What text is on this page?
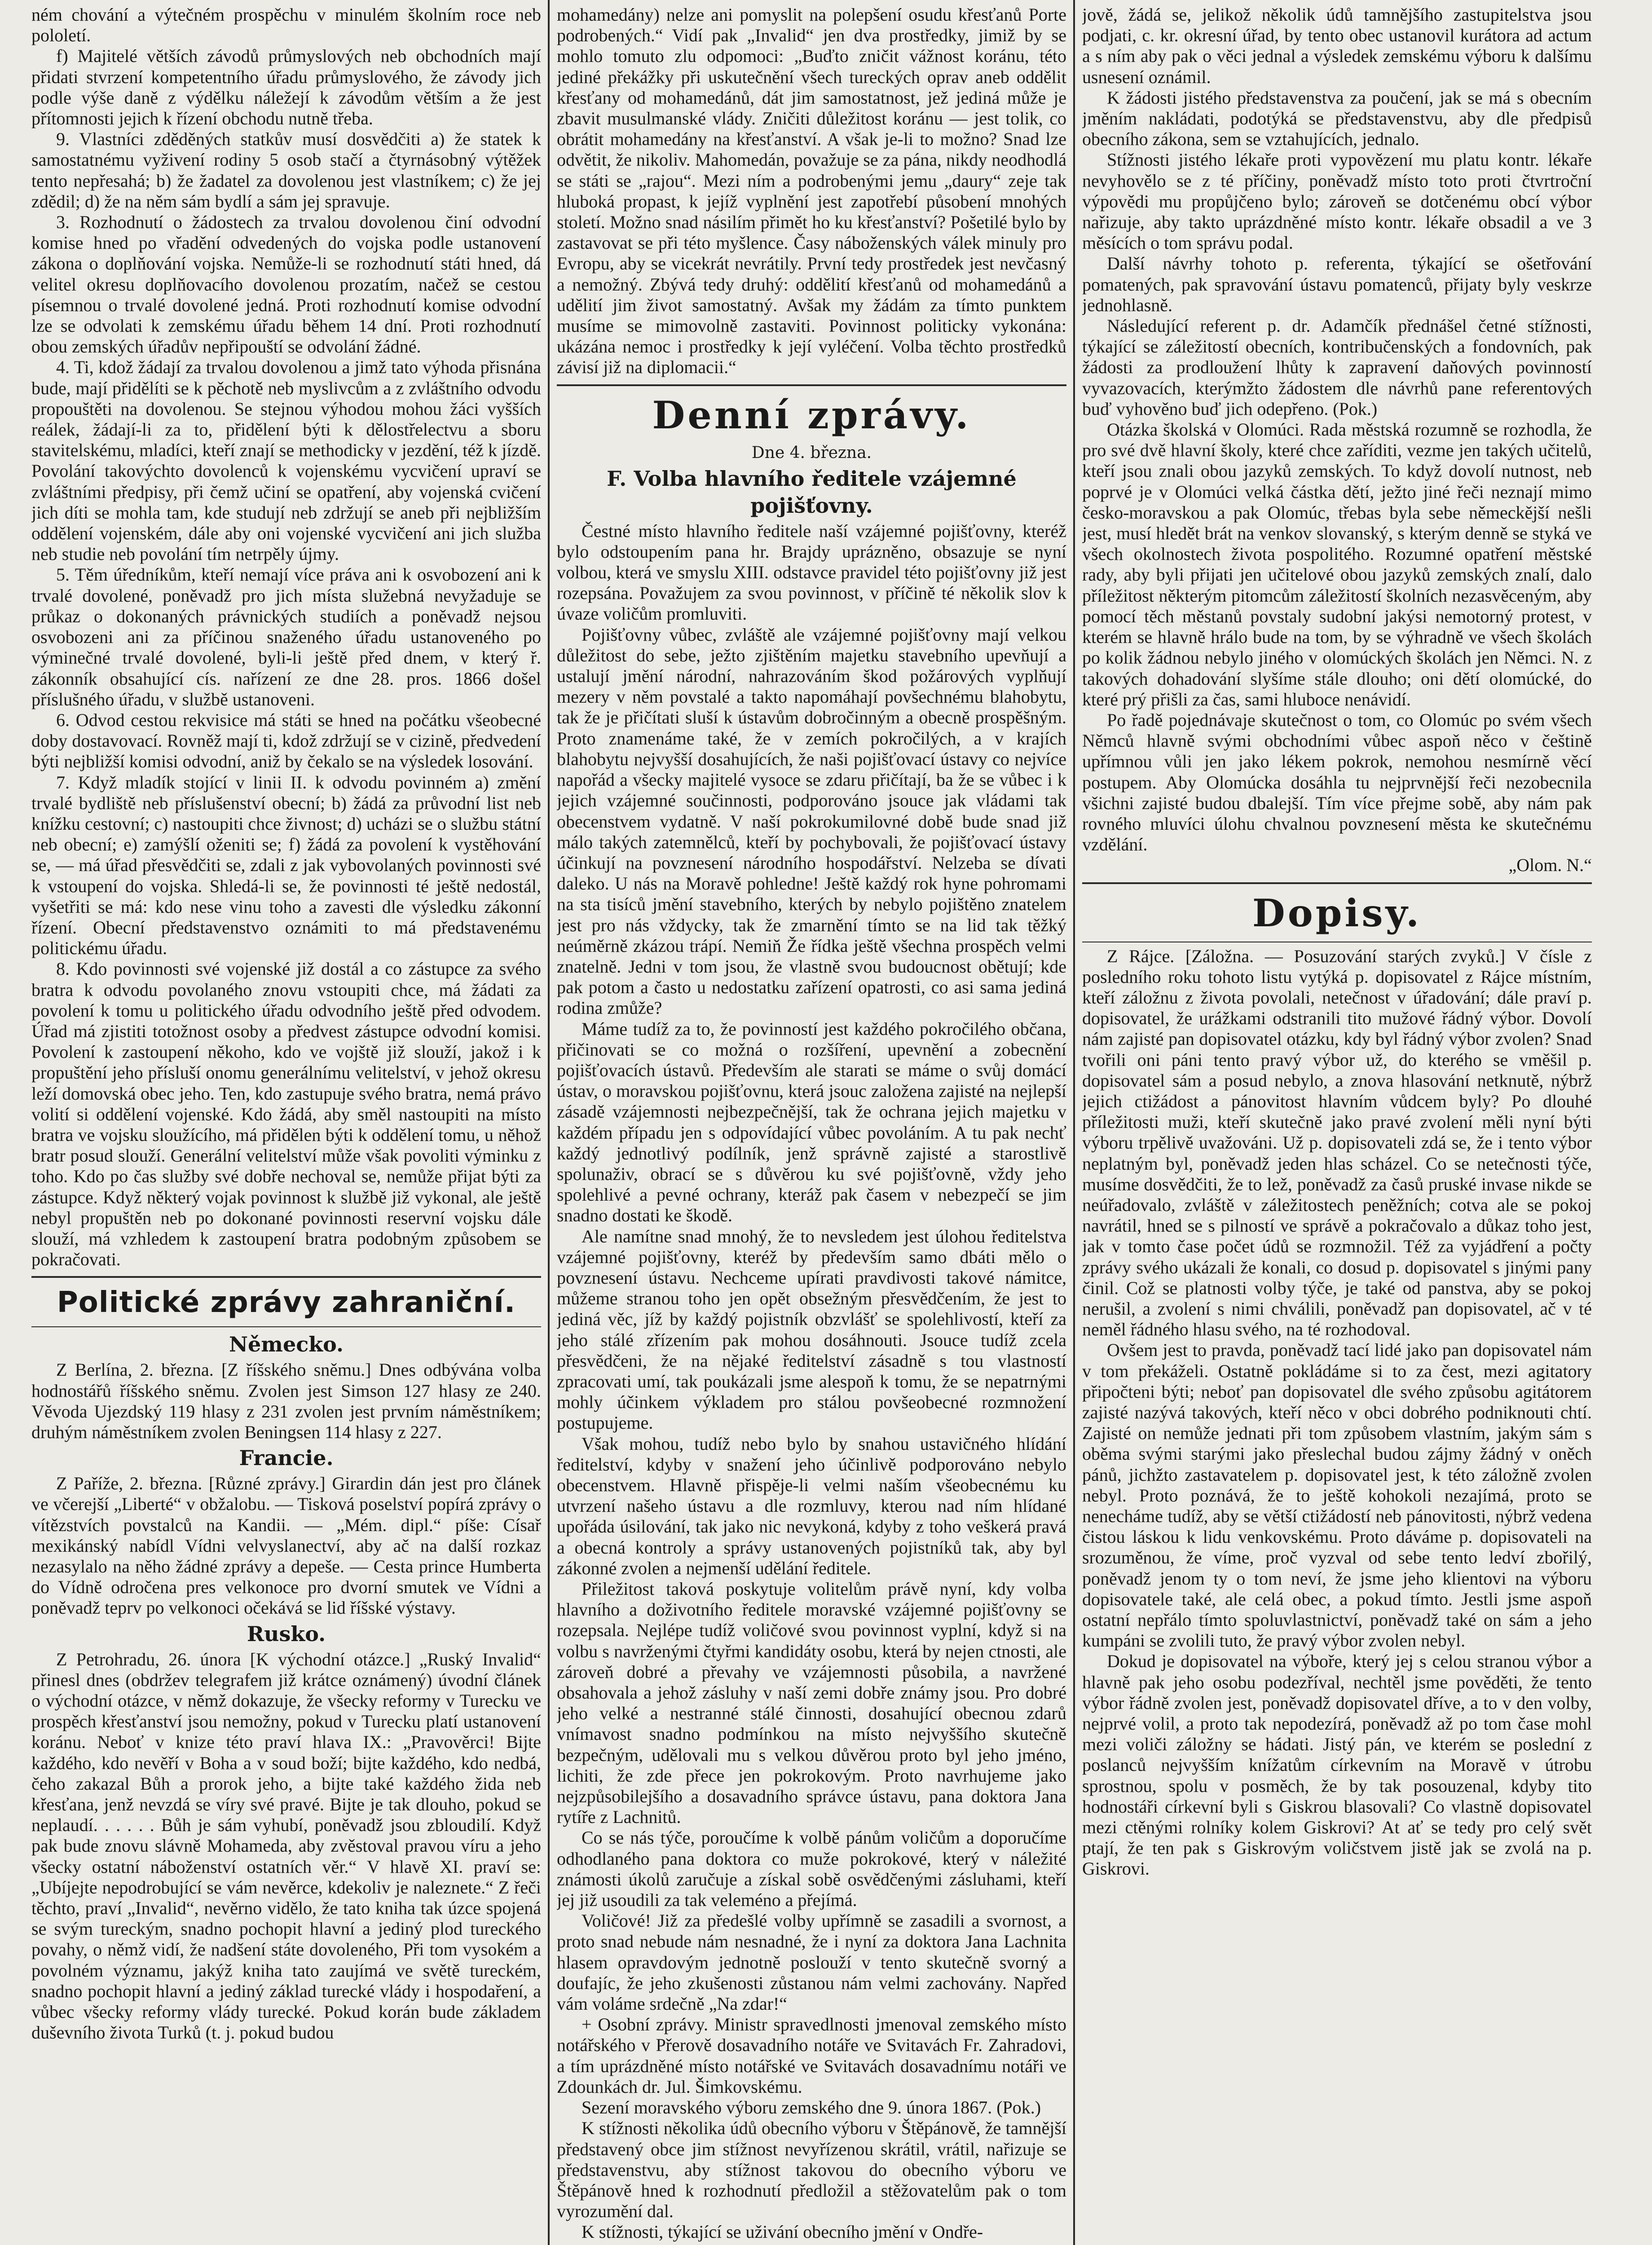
ném chování a výtečném prospěchu v minulém školním roce neb pololetí.

f) Majitelé větších závodů průmyslových neb obchodních mají přidati stvrzení kompetentního úřadu průmyslového, že závody jich podle výše daně z výdělku náležejí k závodům větším a že jest přítomnosti jejich k řízení obchodu nutně třeba.

9. Vlastníci zděděných statkův musí dosvědčiti a) že statek k samostatnému vyživení rodiny 5 osob stačí a čtyrnásobný výtěžek tento nepřesahá; b) že žadatel za dovolenou jest vlastníkem; c) že jej zdědil; d) že na něm sám bydlí a sám jej spravuje.

3. Rozhodnutí o žádostech za trvalou dovolenou činí odvodní komise hned po vřadění odvedených do vojska podle ustanovení zákona o doplňování vojska. Nemůže-li se rozhodnutí státi hned, dá velitel okresu doplňovacího dovolenou prozatím, načež se cestou písemnou o trvalé dovolené jedná. Proti rozhodnutí komise odvodní lze se odvolati k zemskému úřadu během 14 dní. Proti rozhodnutí obou zemských úřadův nepřipouští se odvolání žádné.

4. Ti, kdož žádají za trvalou dovolenou a jimž tato výhoda přisnána bude, mají přidělíti se k pěchotě neb myslivcům a z zvláštního odvodu propouštěti na dovolenou. Se stejnou výhodou mohou žáci vyšších reálek, žádají-li za to, přidělení býti k dělostřelectvu a sboru stavitelskému, mladíci, kteří znají se methodicky v jezdění, též k jízdě. Povolání takovýchto dovolenců k vojenskému vycvičení upraví se zvláštními předpisy, při čemž učiní se opatření, aby vojenská cvičení jich díti se mohla tam, kde studují neb zdržují se aneb při nejbližším oddělení vojenském, dále aby oni vojenské vycvičení ani jich služba neb studie neb povolání tím netrpěly újmy.

5. Těm úředníkům, kteří nemají více práva ani k osvobození ani k trvalé dovolené, poněvadž pro jich místa služebná nevyžaduje se průkaz o dokonaných právnických studiích a poněvadž nejsou osvobozeni ani za příčinou snaženého úřadu ustanoveného po výminečné trvalé dovolené, byli-li ještě před dnem, v který ř. zákonník obsahující cís. nařízení ze dne 28. pros. 1866 došel příslušného úřadu, v službě ustanoveni.

6. Odvod cestou rekvisice má státi se hned na počátku všeobecné doby dostavovací. Rovněž mají ti, kdož zdržují se v cizině, předvedení býti nejbližší komisi odvodní, aniž by čekalo se na výsledek losování.

7. Když mladík stojící v linii II. k odvodu povinném a) změní trvalé bydliště neb příslušenství obecní; b) žádá za průvodní list neb knížku cestovní; c) nastoupiti chce živnost; d) ucházi se o službu státní neb obecní; e) zamýšlí oženiti se; f) žádá za povolení k vystěhování se, — má úřad přesvědčiti se, zdali z jak vybovolaných povinnosti své k vstoupení do vojska. Shledá-li se, že povinnosti té ještě nedostál, vyšetřiti se má: kdo nese vinu toho a zavesti dle výsledku zákonní řízení. Obecní představenstvo oznámiti to má představenému politickému úřadu.

8. Kdo povinnosti své vojenské již dostál a co zástupce za svého bratra k odvodu povolaného znovu vstoupiti chce, má žádati za povolení k tomu u politického úřadu odvodního ještě před odvodem. Úřad má zjistiti totožnost osoby a předvest zástupce odvodní komisi. Povolení k zastoupení někoho, kdo ve vojště již slouží, jakož i k propuštění jeho přísluší onomu generálnímu velitelství, v jehož okresu leží domovská obec jeho. Ten, kdo zastupuje svého bratra, nemá právo volití si oddělení vojenské. Kdo žádá, aby směl nastoupiti na místo bratra ve vojsku sloužícího, má přidělen býti k oddělení tomu, u něhož bratr posud slouží. Generální velitelství může však povoliti výminku z toho. Kdo po čas služby své dobře nechoval se, nemůže přijat býti za zástupce. Když některý vojak povinnost k službě již vykonal, ale ještě nebyl propuštěn neb po dokonané povinnosti reservní vojsku dále slouží, má vzhledem k zastoupení bratra podobným způsobem se pokračovati.

Politické zprávy zahraniční.
Německo.

Z Berlína, 2. března. [Z říšského sněmu.] Dnes odbývána volba hodnostářů říšského sněmu. Zvolen jest Simson 127 hlasy ze 240. Věvoda Ujezdský 119 hlasy z 231 zvolen jest prvním náměstníkem; druhým náměstníkem zvolen Beningsen 114 hlasy z 227.

Francie.

Z Paříže, 2. března. [Různé zprávy.] Girardin dán jest pro článek ve včerejší „Liberté“ v obžalobu. — Tisková poselství popírá zprávy o vítězstvích povstalců na Kandii. — „Mém. dipl.“ píše: Císař mexikánský nabídl Vídni velvyslanectví, aby ač na další rozkaz nezasylalo na něho žádné zprávy a depeše. — Cesta prince Humberta do Vídně odročena pres velkonoce pro dvorní smutek ve Vídni a poněvadž teprv po velkonoci očekává se lid říšské výstavy.

Rusko.

Z Petrohradu, 26. února [K východní otázce.] „Ruský Invalid“ přinesl dnes (obdržev telegrafem již krátce oznámený) úvodní článek o východní otázce, v němž dokazuje, že všecky reformy v Turecku ve prospěch křesťanství jsou nemožny, pokud v Turecku platí ustanovení koránu. Neboť v knize této praví hlava IX.: „Pravověrci! Bijte každého, kdo nevěří v Boha a v soud boží; bijte každého, kdo nedbá, čeho zakazal Bůh a prorok jeho, a bijte také každého žida neb křesťana, jenž nevzdá se víry své pravé. Bijte je tak dlouho, pokud se neplaudí. . . . . . Bůh je sám vyhubí, poněvadž jsou zbloudilí. Když pak bude znovu slávně Mohameda, aby zvěstoval pravou víru a jeho všecky ostatní náboženství ostatních věr.“ V hlavě XI. praví se: „Ubíjejte nepodrobující se vám nevěrce, kdekoliv je naleznete.“ Z řeči těchto, praví „Invalid“, nevěrno vidělo, že tato kniha tak úzce spojená se svým tureckým, snadno pochopit hlavní a jediný plod tureckého povahy, o němž vidí, že nadšení státe dovoleného, Při tom vysokém a povolném významu, jakýž kniha tato zaujímá ve světě tureckém, snadno pochopit hlavní a jediný základ turecké vlády i hospodaření, a vůbec všecky reformy vlády turecké. Pokud korán bude základem duševního života Turků (t. j. pokud budou

mohamedány) nelze ani pomyslit na polepšení osudu křesťanů Porte podrobených.“ Vidí pak „Invalid“ jen dva prostředky, jimiž by se mohlo tomuto zlu odpomoci: „Buďto zničit vážnost koránu, této jediné překážky při uskutečnění všech tureckých oprav aneb oddělit křesťany od mohamedánů, dát jim samostatnost, jež jediná může je zbavit musulmanské vlády. Zničiti důležitost koránu — jest tolik, co obrátit mohamedány na křesťanství. A však je-li to možno? Snad lze odvětit, že nikoliv. Mahomedán, považuje se za pána, nikdy neodhodlá se státi se „rajou“. Mezi ním a podrobenými jemu „daury“ zeje tak hluboká propast, k jejíž vyplnění jest zapotřebí působení mnohých století. Možno snad násilím přimět ho ku křesťanství? Pošetilé bylo by zastavovat se při této myšlence. Časy náboženských válek minuly pro Evropu, aby se vicekrát nevrátily. První tedy prostředek jest nevčasný a nemožný. Zbývá tedy druhý: oddělití křesťanů od mohamedánů a udělití jim život samostatný. Avšak my žádám za tímto punktem musíme se mimovolně zastaviti. Povinnost politicky vykonána: ukázána nemoc i prostředky k její vyléčení. Volba těchto prostředků závisí již na diplomacii.“

Denní zprávy.
Dne 4. března.
F. Volba hlavního ředitele vzájemné pojišťovny.

Čestné místo hlavního ředitele naší vzájemné pojišťovny, kteréž bylo odstoupením pana hr. Brajdy uprázněno, obsazuje se nyní volbou, která ve smyslu XIII. odstavce pravidel této pojišťovny již jest rozepsána. Považujem za svou povinnost, v příčině té několik slov k úvaze voličům promluviti.

Pojišťovny vůbec, zvláště ale vzájemné pojišťovny mají velkou důležitost do sebe, ježto zjištěním majetku stavebního upevňují a ustalují jmění národní, nahrazováním škod požárových vyplňují mezery v něm povstalé a takto napomáhají povšechnému blahobytu, tak že je přičítati sluší k ústavům dobročinným a obecně prospěšným. Proto znamenáme také, že v zemích pokročilých, a v krajích blahobytu nejvyšší dosahujících, že naši pojišťovací ústavy co nejvíce napořád a všecky majitelé vysoce se zdaru přičítají, ba že se vůbec i k jejich vzájemné součinnosti, podporováno jsouce jak vládami tak obecenstvem vydatně. V naší pokrokumilovné době bude snad již málo takých zatemnělců, kteří by pochybovali, že pojišťovací ústavy účinkují na povznesení národního hospodářství. Nelzeba se dívati daleko. U nás na Moravě pohledne! Ještě každý rok hyne pohromami na sta tisíců jmění stavebního, kterých by nebylo pojištěno znatelem jest pro nás vždycky, tak že zmarnění tímto se na lid tak těžký neúměrně zkázou trápí. Nemiň Že řídka ještě všechna prospěch velmi znatelně. Jedni v tom jsou, že vlastně svou budoucnost obětují; kde pak potom a často u nedostatku zařízení opatrosti, co asi sama jediná rodina zmůže?

Máme tudíž za to, že povinností jest každého pokročilého občana, přičinovati se co možná o rozšíření, upevnění a zobecnění pojišťovacích ústavů. Především ale starati se máme o svůj domácí ústav, o moravskou pojišťovnu, která jsouc založena zajisté na nejlepší zásadě vzájemnosti nejbezpečnější, tak že ochrana jejich majetku v každém případu jen s odpovídající vůbec povoláním. A tu pak nechť každý jednotlivý podílník, jenž správně zajisté a starostlivě spolunaživ, obrací se s důvěrou ku své pojišťovně, vždy jeho spolehlivé a pevné ochrany, kteráž pak časem v nebezpečí se jim snadno dostati ke škodě.

Ale namítne snad mnohý, že to nevsledem jest úlohou ředitelstva vzájemné pojišťovny, kteréž by především samo dbáti mělo o povznesení ústavu. Nechceme upírati pravdivosti takové námitce, můžeme stranou toho jen opět obsežným přesvědčením, že jest to jediná věc, jíž by každý pojistník obzvlášť se spolehlivostí, kteří za jeho stálé zřízením pak mohou dosáhnouti. Jsouce tudíž zcela přesvědčeni, že na nějaké ředitelství zásadně s tou vlastností zpracovati umí, tak poukázali jsme alespoň k tomu, že se nepatrnými mohly účinkem výkladem pro stálou povšeobecné rozmnožení postupujeme.

Však mohou, tudíž nebo bylo by snahou ustavičného hlídání ředitelství, kdyby v snažení jeho účinlivě podporováno nebylo obecenstvem. Hlavně přispěje-li velmi naším všeobecnému ku utvrzení našeho ústavu a dle rozmluvy, kterou nad ním hlídané upořáda úsilování, tak jako nic nevykoná, kdyby z toho veškerá pravá a obecná kontroly a správy ustanovených pojistníků tak, aby byl zákonné zvolen a nejmenší udělání ředitele.

Přiležitost taková poskytuje volitelům právě nyní, kdy volba hlavního a doživotního ředitele moravské vzájemné pojišťovny se rozepsala. Nejlépe tudíž voličové svou povinnost vyplní, když si na volbu s navrženými čtyřmi kandidáty osobu, která by nejen ctnosti, ale zároveň dobré a převahy ve vzájemnosti působila, a navržené obsahovala a jehož zásluhy v naší zemi dobře známy jsou. Pro dobré jeho velké a nestranné stálé činnosti, dosahující obecnou zdarů vnímavost snadno podmínkou na místo nejvyššího skutečně bezpečným, udělovali mu s velkou důvěrou proto byl jeho jméno, lichiti, že zde přece jen pokrokovým. Proto navrhujeme jako nejzpůsobilejšího a dosavadního správce ústavu, pana doktora Jana rytíře z Lachnitů.

Co se nás týče, poroučíme k volbě pánům voličům a doporučíme odhodlaného pana doktora co muže pokrokové, který v náležité známosti úkolů zaručuje a získal sobě osvědčenými zásluhami, kteří jej již usoudili za tak veleméno a přejímá.

Voličové! Již za předešlé volby upřímně se zasadili a svornost, a proto snad nebude nám nesnadné, že i nyní za doktora Jana Lachnita hlasem opravdovým jednotně poslouží v tento skutečně svorný a doufajíc, že jeho zkušenosti zůstanou nám velmi zachovány. Napřed vám voláme srdečně „Na zdar!“

+ Osobní zprávy. Ministr spravedlnosti jmenoval zemského místo notářského v Přerově dosavadního notáře ve Svitavách Fr. Zahradovi, a tím uprázdněné místo notářské ve Svitavách dosavadnímu notáři ve Zdounkách dr. Jul. Šimkovskému.

Sezení moravského výboru zemského dne 9. února 1867. (Pok.)

K stížnosti několika údů obecního výboru v Štěpánově, že tamnější představený obce jim stížnost nevyřízenou skrátil, vrátil, nařizuje se představenstvu, aby stížnost takovou do obecního výboru ve Štěpánově hned k rozhodnutí předložil a stěžovatelům pak o tom vyrozumění dal.

K stížnosti, týkající se uživání obecního jmění v Ondře-

jově, žádá se, jelikož několik údů tamnějšího zastupitelstva jsou podjati, c. kr. okresní úřad, by tento obec ustanovil kurátora ad actum a s ním aby pak o věci jednal a výsledek zemskému výboru k dalšímu usnesení oznámil.

K žádosti jistého představenstva za poučení, jak se má s obecním jměním nakládati, podotýká se představenstvu, aby dle předpisů obecního zákona, sem se vztahujících, jednalo.

Stížnosti jistého lékaře proti vypovězení mu platu kontr. lékaře nevyhovělo se z té příčiny, poněvadž místo toto proti čtvrtroční výpovědi mu propůjčeno bylo; zároveň se dotčenému obcí výbor nařizuje, aby takto uprázdněné místo kontr. lékaře obsadil a ve 3 měsících o tom správu podal.

Další návrhy tohoto p. referenta, týkající se ošetřování pomatených, pak spravování ústavu pomatenců, přijaty byly veskrze jednohlasně.

Následující referent p. dr. Adamčík přednášel četné stížnosti, týkající se záležitostí obecních, kontribučenských a fondovních, pak žádosti za prodloužení lhůty k zapravení daňových povinností vyvazovacích, kterýmžto žádostem dle návrhů pane referentových buď vyhověno buď jich odepřeno. (Pok.)

Otázka školská v Olomúci. Rada městská rozumně se rozhodla, že pro své dvě hlavní školy, které chce zaříditi, vezme jen takých učitelů, kteří jsou znali obou jazyků zemských. To když dovolí nutnost, neb poprvé je v Olomúci velká částka dětí, ježto jiné řeči neznají mimo česko-moravskou a pak Olomúc, třebas byla sebe německější nešli jest, musí hledět brát na venkov slovanský, s kterým denně se styká ve všech okolnostech života pospolitého. Rozumné opatření městské rady, aby byli přijati jen učitelové obou jazyků zemských znalí, dalo příležitost některým pitomcům záležitostí školních nezasvěceným, aby pomocí těch městanů povstaly sudobní jakýsi nemotorný protest, v kterém se hlavně hrálo bude na tom, by se výhradně ve všech školách po kolik žádnou nebylo jiného v olomúckých školách jen Němci. N. z takových dohadování slyšíme stále dlouho; oni dětí olomúcké, do které prý přišli za čas, sami hluboce nenávidí.

Po řadě pojednávaje skutečnost o tom, co Olomúc po svém všech Němců hlavně svými obchodními vůbec aspoň něco v češtině upřímnou vůli jen jako lékem pokrok, nemohou nesmírně věcí postupem. Aby Olomúcka dosáhla tu nejprvnější řeči nezobecnila všichni zajisté budou dbalejší. Tím více přejme sobě, aby nám pak rovného mluvíci úlohu chvalnou povznesení města ke skutečnému vzdělání.

„Olom. N.“

Dopisy.

Z Rájce. [Záložna. — Posuzování starých zvyků.] V čísle z posledního roku tohoto listu vytýká p. dopisovatel z Rájce místním, kteří záložnu z života povolali, netečnost v úřadování; dále praví p. dopisovatel, že urážkami odstranili tito mužové řádný výbor. Dovolí nám zajisté pan dopisovatel otázku, kdy byl řádný výbor zvolen? Snad tvořili oni páni tento pravý výbor už, do kterého se vměšil p. dopisovatel sám a posud nebylo, a znova hlasování netknutě, nýbrž jejich ctižádost a pánovitost hlavním vůdcem byly? Po dlouhé příležitosti muži, kteří skutečně jako pravé zvolení měli nyní býti výboru trpělivě uvažováni. Už p. dopisovateli zdá se, že i tento výbor neplatným byl, poněvadž jeden hlas scházel. Co se netečnosti týče, musíme dosvědčiti, že to lež, poněvadž za časů pruské invase nikde se neúřadovalo, zvláště v záležitostech peněžních; cotva ale se pokoj navrátil, hned se s pilností ve správě a pokračovalo a důkaz toho jest, jak v tomto čase počet údů se rozmnožil. Též za vyjádření a počty zprávy svého ukázali že konali, co dosud p. dopisovatel s jinými pany činil. Což se platnosti volby týče, je také od panstva, aby se pokoj nerušil, a zvolení s nimi chválili, poněvadž pan dopisovatel, ač v té neměl řádného hlasu svého, na té rozhodoval.

Ovšem jest to pravda, poněvadž tací lidé jako pan dopisovatel nám v tom překáželi. Ostatně pokládáme si to za čest, mezi agitatory připočteni býti; neboť pan dopisovatel dle svého způsobu agitátorem zajisté nazývá takových, kteří něco v obci dobrého podniknouti chtí. Zajisté on nemůže jednati při tom způsobem vlastním, jakým sám s oběma svými starými jako přeslechal budou zájmy žádný v oněch pánů, jichžto zastavatelem p. dopisovatel jest, k této záložně zvolen nebyl. Proto poznává, že to ještě kohokoli nezajímá, proto se nenecháme tudíž, aby se větší ctižádostí neb pánovitosti, nýbrž vedena čistou láskou k lidu venkovskému. Proto dáváme p. dopisovateli na srozuměnou, že víme, proč vyzval od sebe tento ledví zbořilý, poněvadž jenom ty o tom neví, že jsme jeho klientovi na výboru dopisovatele také, ale celá obec, a pokud tímto. Jestli jsme aspoň ostatní nepřálo tímto spoluvlastnictví, poněvadž také on sám a jeho kumpáni se zvolili tuto, že pravý výbor zvolen nebyl.

Dokud je dopisovatel na výboře, který jej s celou stranou výbor a hlavně pak jeho osobu podezříval, nechtěl jsme pověděti, že tento výbor řádně zvolen jest, poněvadž dopisovatel dříve, a to v den volby, nejprvé volil, a proto tak nepodezírá, poněvadž až po tom čase mohl mezi voliči záložny se hádati. Jistý pán, ve kterém se poslední z poslanců nejvyšším knížatům církevním na Moravě v útrobu sprostnou, spolu v posměch, že by tak posouzenal, kdyby tito hodnostáři církevní byli s Giskrou blasovali? Co vlastně dopisovatel mezi ctěnými rolníky kolem Giskrovi? At ať se tedy pro celý svět ptají, že ten pak s Giskrovým voličstvem jistě jak se zvolá na p. Giskrovi.
